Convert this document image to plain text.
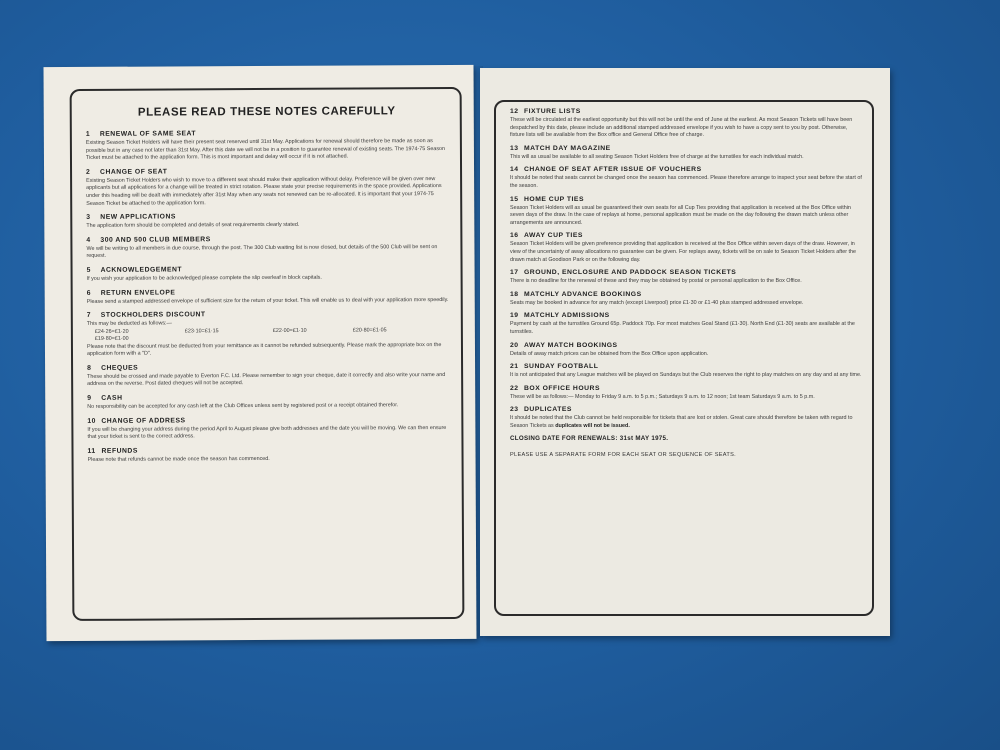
PLEASE READ THESE NOTES CAREFULLY
1 RENEWAL OF SAME SEAT
Existing Season Ticket Holders will have their present seat reserved until 31st May. Applications for renewal should therefore be made as soon as possible but in any case not later than 31st May. After this date we will not be in a position to guarantee renewal of existing seats. The 1974-75 Season Ticket must be attached to the application form. This is most important and delay will occur if it is not attached.
2 CHANGE OF SEAT
Existing Season Ticket Holders who wish to move to a different seat should make their application without delay. Preference will be given over new applicants but all applications for a change will be treated in strict rotation. Please state your precise requirements in the space provided. Applications under this heading will be dealt with immediately after 31st May when any seats not renewed can be re-allocated. It is important that your 1974-75 Season Ticket be attached to the application form.
3 NEW APPLICATIONS
The application form should be completed and details of seat requirements clearly stated.
4 300 AND 500 CLUB MEMBERS
We will be writing to all members in due course, through the post. The 300 Club waiting list is now closed, but details of the 500 Club will be sent on request.
5 ACKNOWLEDGEMENT
If you wish your application to be acknowledged please complete the slip overleaf in block capitals.
6 RETURN ENVELOPE
Please send a stamped addressed envelope of sufficient size for the return of your ticket. This will enable us to deal with your application more speedily.
7 STOCKHOLDERS DISCOUNT
This may be deducted as follows:—
£24·26=£1·20	£23·10=£1·15	£22·00=£1·10	£20·80=£1·05
£19·80=£1·00
Please note that the discount must be deducted from your remittance as it cannot be refunded subsequently. Please mark the appropriate box on the application form with a "D".
8 CHEQUES
These should be crossed and made payable to Everton F.C. Ltd. Please remember to sign your cheque, date it correctly and also write your name and address on the reverse. Post dated cheques will not be accepted.
9 CASH
No responsibility can be accepted for any cash left at the Club Offices unless sent by registered post or a receipt obtained therefor.
10 CHANGE OF ADDRESS
If you will be changing your address during the period April to August please give both addresses and the date you will be moving. We can then ensure that your ticket is sent to the correct address.
11 REFUNDS
Please note that refunds cannot be made once the season has commenced.
12 FIXTURE LISTS
These will be circulated at the earliest opportunity but this will not be until the end of June at the earliest. As most Season Tickets will have been despatched by this date, please include an additional stamped addressed envelope if you wish to have a copy sent to you by post. Otherwise, fixture lists will be available from the Box office and General Office free of charge.
13 MATCH DAY MAGAZINE
This will as usual be available to all seating Season Ticket Holders free of charge at the turnstiles for each individual match.
14 CHANGE OF SEAT AFTER ISSUE OF VOUCHERS
It should be noted that seats cannot be changed once the season has commenced. Please therefore arrange to inspect your seat before the start of the season.
15 HOME CUP TIES
Season Ticket Holders will as usual be guaranteed their own seats for all Cup Ties providing that application is received at the Box Office within seven days of the draw. In the case of replays at home, personal application must be made on the day following the drawn match unless other arrangements are announced.
16 AWAY CUP TIES
Season Ticket Holders will be given preference providing that application is received at the Box Office within seven days of the draw. However, in view of the uncertainty of away allocations no guarantee can be given. For replays away, tickets will be on sale to Season Ticket Holders after the drawn match at Goodison Park or on the following day.
17 GROUND, ENCLOSURE AND PADDOCK SEASON TICKETS
There is no deadline for the renewal of these and they may be obtained by postal or personal application to the Box Office.
18 MATCHLY ADVANCE BOOKINGS
Seats may be booked in advance for any match (except Liverpool) price £1·30 or £1·40 plus stamped addressed envelope.
19 MATCHLY ADMISSIONS
Payment by cash at the turnstiles Ground 65p. Paddock 70p. For most matches Goal Stand (£1·30). North End (£1·30) seats are available at the turnstiles.
20 AWAY MATCH BOOKINGS
Details of away match prices can be obtained from the Box Office upon application.
21 SUNDAY FOOTBALL
It is not anticipated that any League matches will be played on Sundays but the Club reserves the right to play matches on any day and at any time.
22 BOX OFFICE HOURS
These will be as follows:— Monday to Friday 9 a.m. to 5 p.m.; Saturdays 9 a.m. to 12 noon; 1st team Saturdays 9 a.m. to 5 p.m.
23 DUPLICATES
It should be noted that the Club cannot be held responsible for tickets that are lost or stolen. Great care should therefore be taken with regard to Season Tickets as duplicates will not be issued.
CLOSING DATE FOR RENEWALS: 31st MAY 1975.
PLEASE USE A SEPARATE FORM FOR EACH SEAT OR SEQUENCE OF SEATS.
